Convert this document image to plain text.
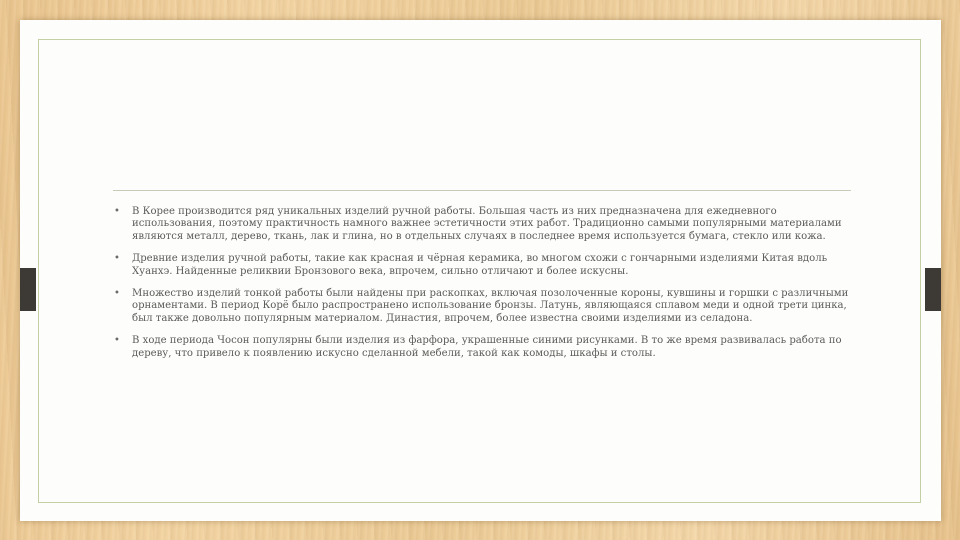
• В Корее производится ряд уникальных изделий ручной работы. Большая часть из них предназначена для ежедневного использования, поэтому практичность намного важнее эстетичности этих работ. Традиционно самыми популярными материалами являются металл, дерево, ткань, лак и глина, но в отдельных случаях в последнее время используется бумага, стекло или кожа.
• Древние изделия ручной работы, такие как красная и чёрная керамика, во многом схожи с гончарными изделиями Китая вдоль Хуанхэ. Найденные реликвии Бронзового века, впрочем, сильно отличают и более искусны.
• Множество изделий тонкой работы были найдены при раскопках, включая позолоченные короны, кувшины и горшки с различными орнаментами. В период Корё было распространено использование бронзы. Латунь, являющаяся сплавом меди и одной трети цинка, был также довольно популярным материалом. Династия, впрочем, более известна своими изделиями из селадона.
• В ходе периода Чосон популярны были изделия из фарфора, украшенные синими рисунками. В то же время развивалась работа по дереву, что привело к появлению искусно сделанной мебели, такой как комоды, шкафы и столы.
